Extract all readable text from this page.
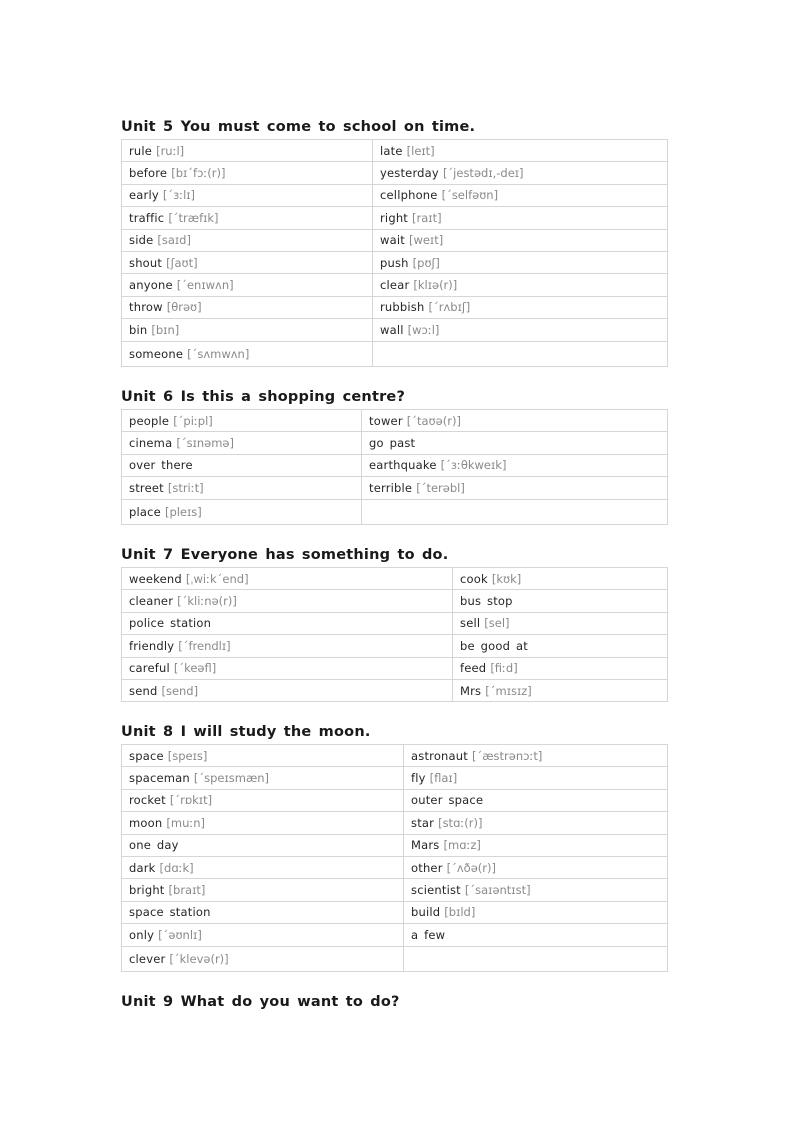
Unit 5 You must come to school on time.
rule [ruːl]	late [leɪt]
before [bɪˊfɔː(r)]	yesterday [ˊjestədɪ,-deɪ]
early [ˊɜːlɪ]	cellphone [ˊselfəʊn]
traffic [ˊtræfɪk]	right [raɪt]
side [saɪd]	wait [weɪt]
shout [ʃaʊt]	push [pʊʃ]
anyone [ˊenɪwʌn]	clear [klɪə(r)]
throw [θrəʊ]	rubbish [ˊrʌbɪʃ]
bin [bɪn]	wall [wɔːl]
someone [ˊsʌmwʌn]	
Unit 6 Is this a shopping centre?
people [ˊpiːpl]	tower [ˊtaʊə(r)]
cinema [ˊsɪnəmə]	go past
over there	earthquake [ˊɜːθkweɪk]
street [striːt]	terrible [ˊterəbl]
place [pleɪs]	
Unit 7 Everyone has something to do.
weekend [ˌwiːkˊend]	cook [kʊk]
cleaner [ˊkliːnə(r)]	bus stop
police station	sell [sel]
friendly [ˊfrendlɪ]	be good at
careful [ˊkeəfl]	feed [fiːd]
send [send]	Mrs [ˊmɪsɪz]
Unit 8 I will study the moon.
space [speɪs]	astronaut [ˊæstrənɔːt]
spaceman [ˊspeɪsmæn]	fly [flaɪ]
rocket [ˊrɒkɪt]	outer space
moon [muːn]	star [stɑː(r)]
one day	Mars [mɑːz]
dark [dɑːk]	other [ˊʌðə(r)]
bright [braɪt]	scientist [ˊsaɪəntɪst]
space station	build [bɪld]
only [ˊəʊnlɪ]	a few
clever [ˊklevə(r)]	
Unit 9 What do you want to do?
